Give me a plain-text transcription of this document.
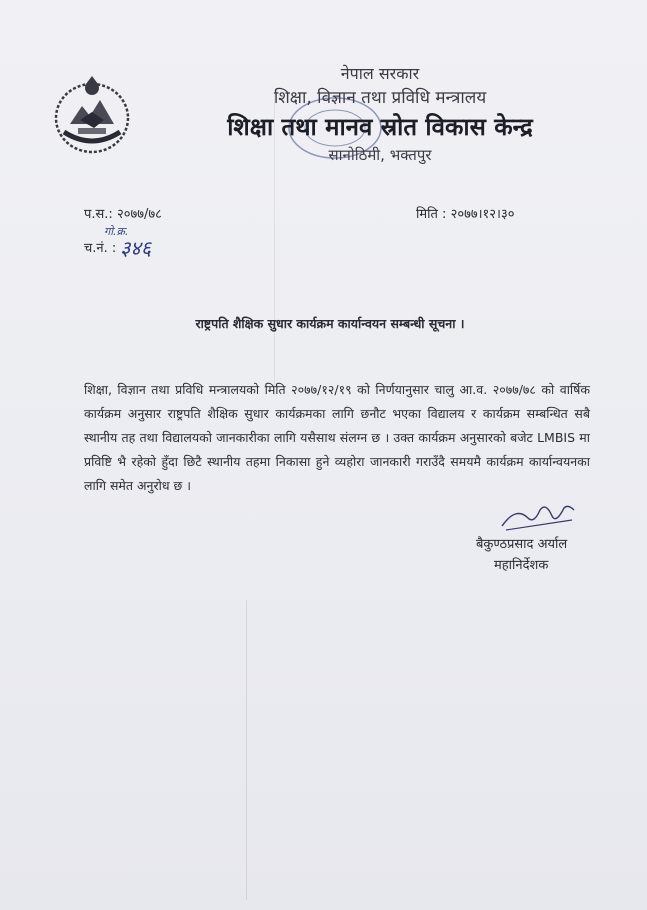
नेपाल सरकार
शिक्षा, विज्ञान तथा प्रविधि मन्त्रालय
शिक्षा तथा मानव स्रोत विकास केन्द्र
सानोठिमी, भक्तपुर
प.स.: २०७७/७८
गो.क्र.
च.नं. : ३४६
मिति : २०७७।१२।३०
राष्ट्रपति शैक्षिक सुधार कार्यक्रम कार्यान्वयन सम्बन्धी सूचना ।
शिक्षा, विज्ञान तथा प्रविधि मन्त्रालयको मिति २०७७/१२/१९ को निर्णयानुसार चालु आ.व. २०७७/७८ को वार्षिक कार्यक्रम अनुसार राष्ट्रपति शैक्षिक सुधार कार्यक्रमका लागि छनौट भएका विद्यालय र कार्यक्रम सम्बन्धित सबै स्थानीय तह तथा विद्यालयको जानकारीका लागि यसैसाथ संलग्न छ । उक्त कार्यक्रम अनुसारको बजेट LMBIS मा प्रविष्टि भै रहेको हुँदा छिटै स्थानीय तहमा निकासा हुने व्यहोरा जानकारी गराउँदै समयमै कार्यक्रम कार्यान्वयनका लागि समेत अनुरोध छ ।
बैकुण्ठप्रसाद अर्याल
महानिर्देशक
